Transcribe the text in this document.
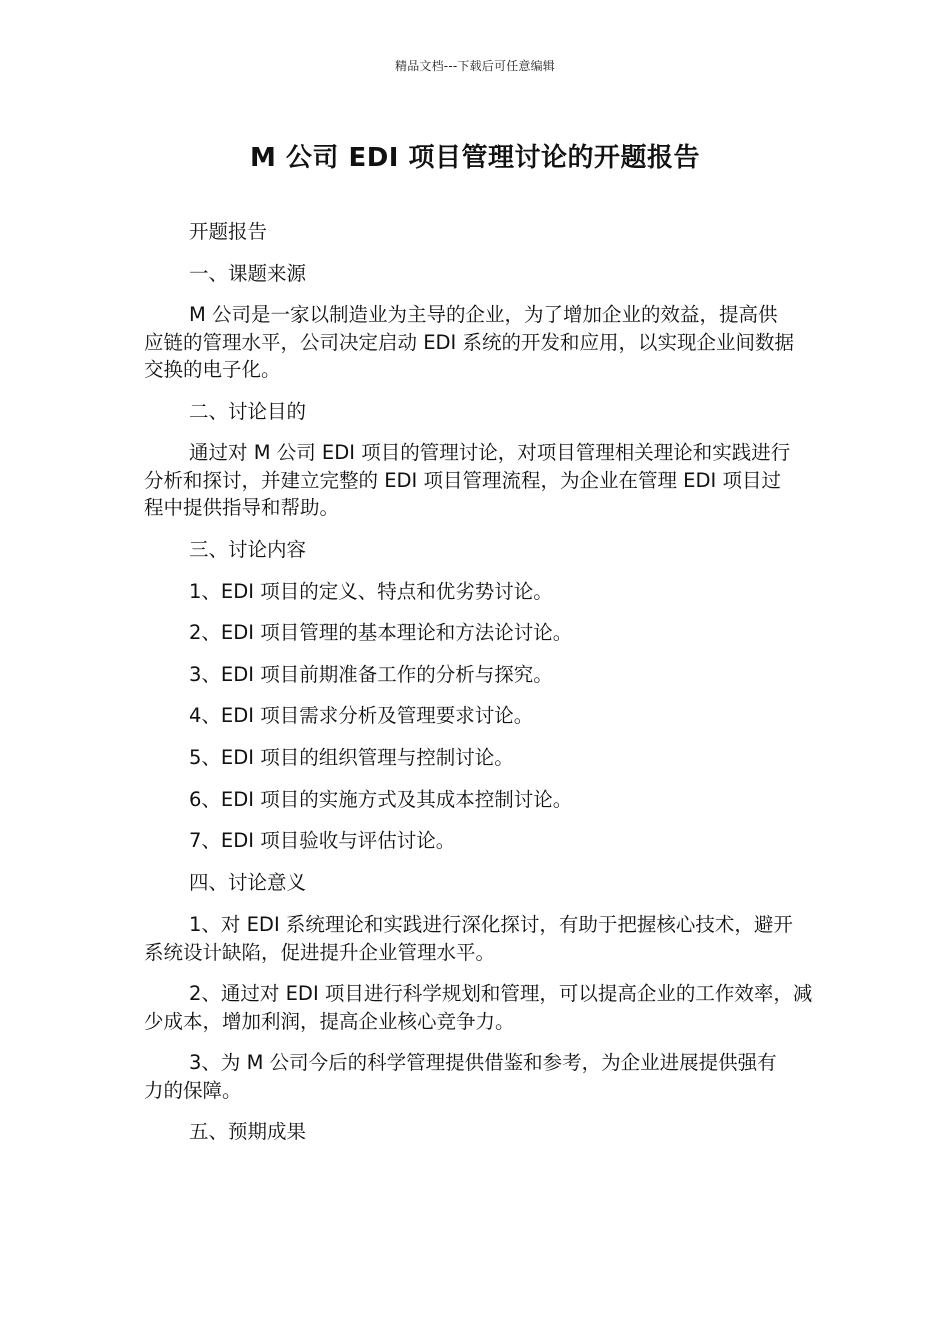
精品文档---下载后可任意编辑
M 公司 EDI 项目管理讨论的开题报告
开题报告
一、课题来源
M 公司是一家以制造业为主导的企业，为了增加企业的效益，提高供应链的管理水平，公司决定启动 EDI 系统的开发和应用，以实现企业间数据交换的电子化。
二、讨论目的
通过对 M 公司 EDI 项目的管理讨论，对项目管理相关理论和实践进行分析和探讨，并建立完整的 EDI 项目管理流程，为企业在管理 EDI 项目过程中提供指导和帮助。
三、讨论内容
1、EDI 项目的定义、特点和优劣势讨论。
2、EDI 项目管理的基本理论和方法论讨论。
3、EDI 项目前期准备工作的分析与探究。
4、EDI 项目需求分析及管理要求讨论。
5、EDI 项目的组织管理与控制讨论。
6、EDI 项目的实施方式及其成本控制讨论。
7、EDI 项目验收与评估讨论。
四、讨论意义
1、对 EDI 系统理论和实践进行深化探讨，有助于把握核心技术，避开系统设计缺陷，促进提升企业管理水平。
2、通过对 EDI 项目进行科学规划和管理，可以提高企业的工作效率，减少成本，增加利润，提高企业核心竞争力。
3、为 M 公司今后的科学管理提供借鉴和参考，为企业进展提供强有力的保障。
五、预期成果
